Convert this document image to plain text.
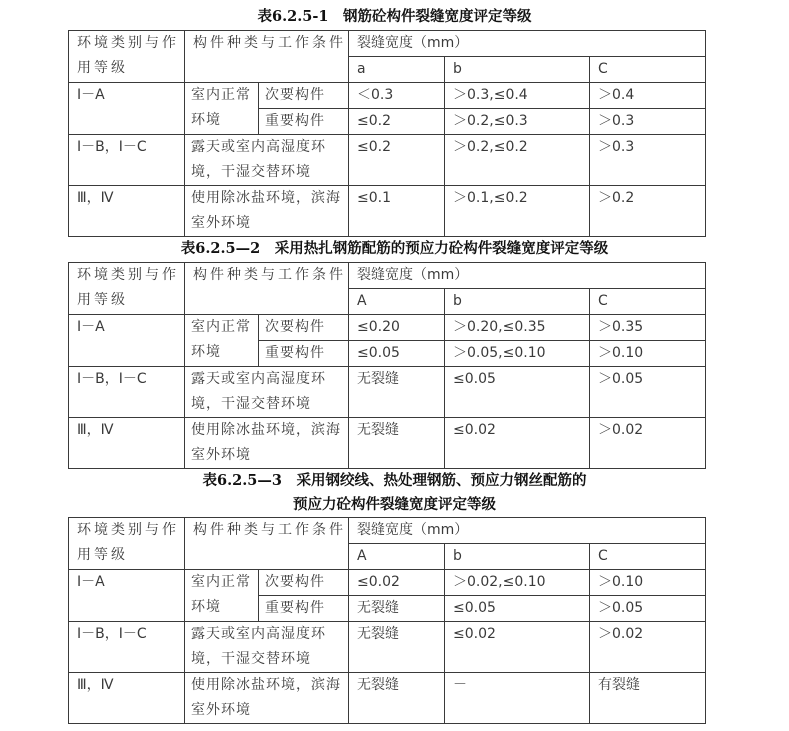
表6.2.5-1　钢筋砼构件裂缝宽度评定等级
环境类别与作用等级	构件种类与工作条件		裂缝宽度（mm）		
			a	b	C
Ⅰ－A	室内正常环境	次要构件	＜0.3	＞0.3,≤0.4	＞0.4
		重要构件	≤0.2	＞0.2,≤0.3	＞0.3
Ⅰ－B，Ⅰ－C	露天或室内高湿度环境，干湿交替环境		≤0.2	＞0.2,≤0.2	＞0.3
Ⅲ，Ⅳ	使用除冰盐环境，滨海室外环境		≤0.1	＞0.1,≤0.2	＞0.2
表6.2.5—2　采用热扎钢筋配筋的预应力砼构件裂缝宽度评定等级
环境类别与作用等级	构件种类与工作条件		裂缝宽度（mm）		
			A	b	C
Ⅰ－A	室内正常环境	次要构件	≤0.20	＞0.20,≤0.35	＞0.35
		重要构件	≤0.05	＞0.05,≤0.10	＞0.10
Ⅰ－B，Ⅰ－C	露天或室内高湿度环境，干湿交替环境		无裂缝	≤0.05	＞0.05
Ⅲ，Ⅳ	使用除冰盐环境，滨海室外环境		无裂缝	≤0.02	＞0.02
表6.2.5—3　采用钢绞线、热处理钢筋、预应力钢丝配筋的
预应力砼构件裂缝宽度评定等级
环境类别与作用等级	构件种类与工作条件		裂缝宽度（mm）		
			A	b	C
Ⅰ－A	室内正常环境	次要构件	≤0.02	＞0.02,≤0.10	＞0.10
		重要构件	无裂缝	≤0.05	＞0.05
Ⅰ－B，Ⅰ－C	露天或室内高湿度环境，干湿交替环境		无裂缝	≤0.02	＞0.02
Ⅲ，Ⅳ	使用除冰盐环境，滨海室外环境		无裂缝	－	有裂缝
